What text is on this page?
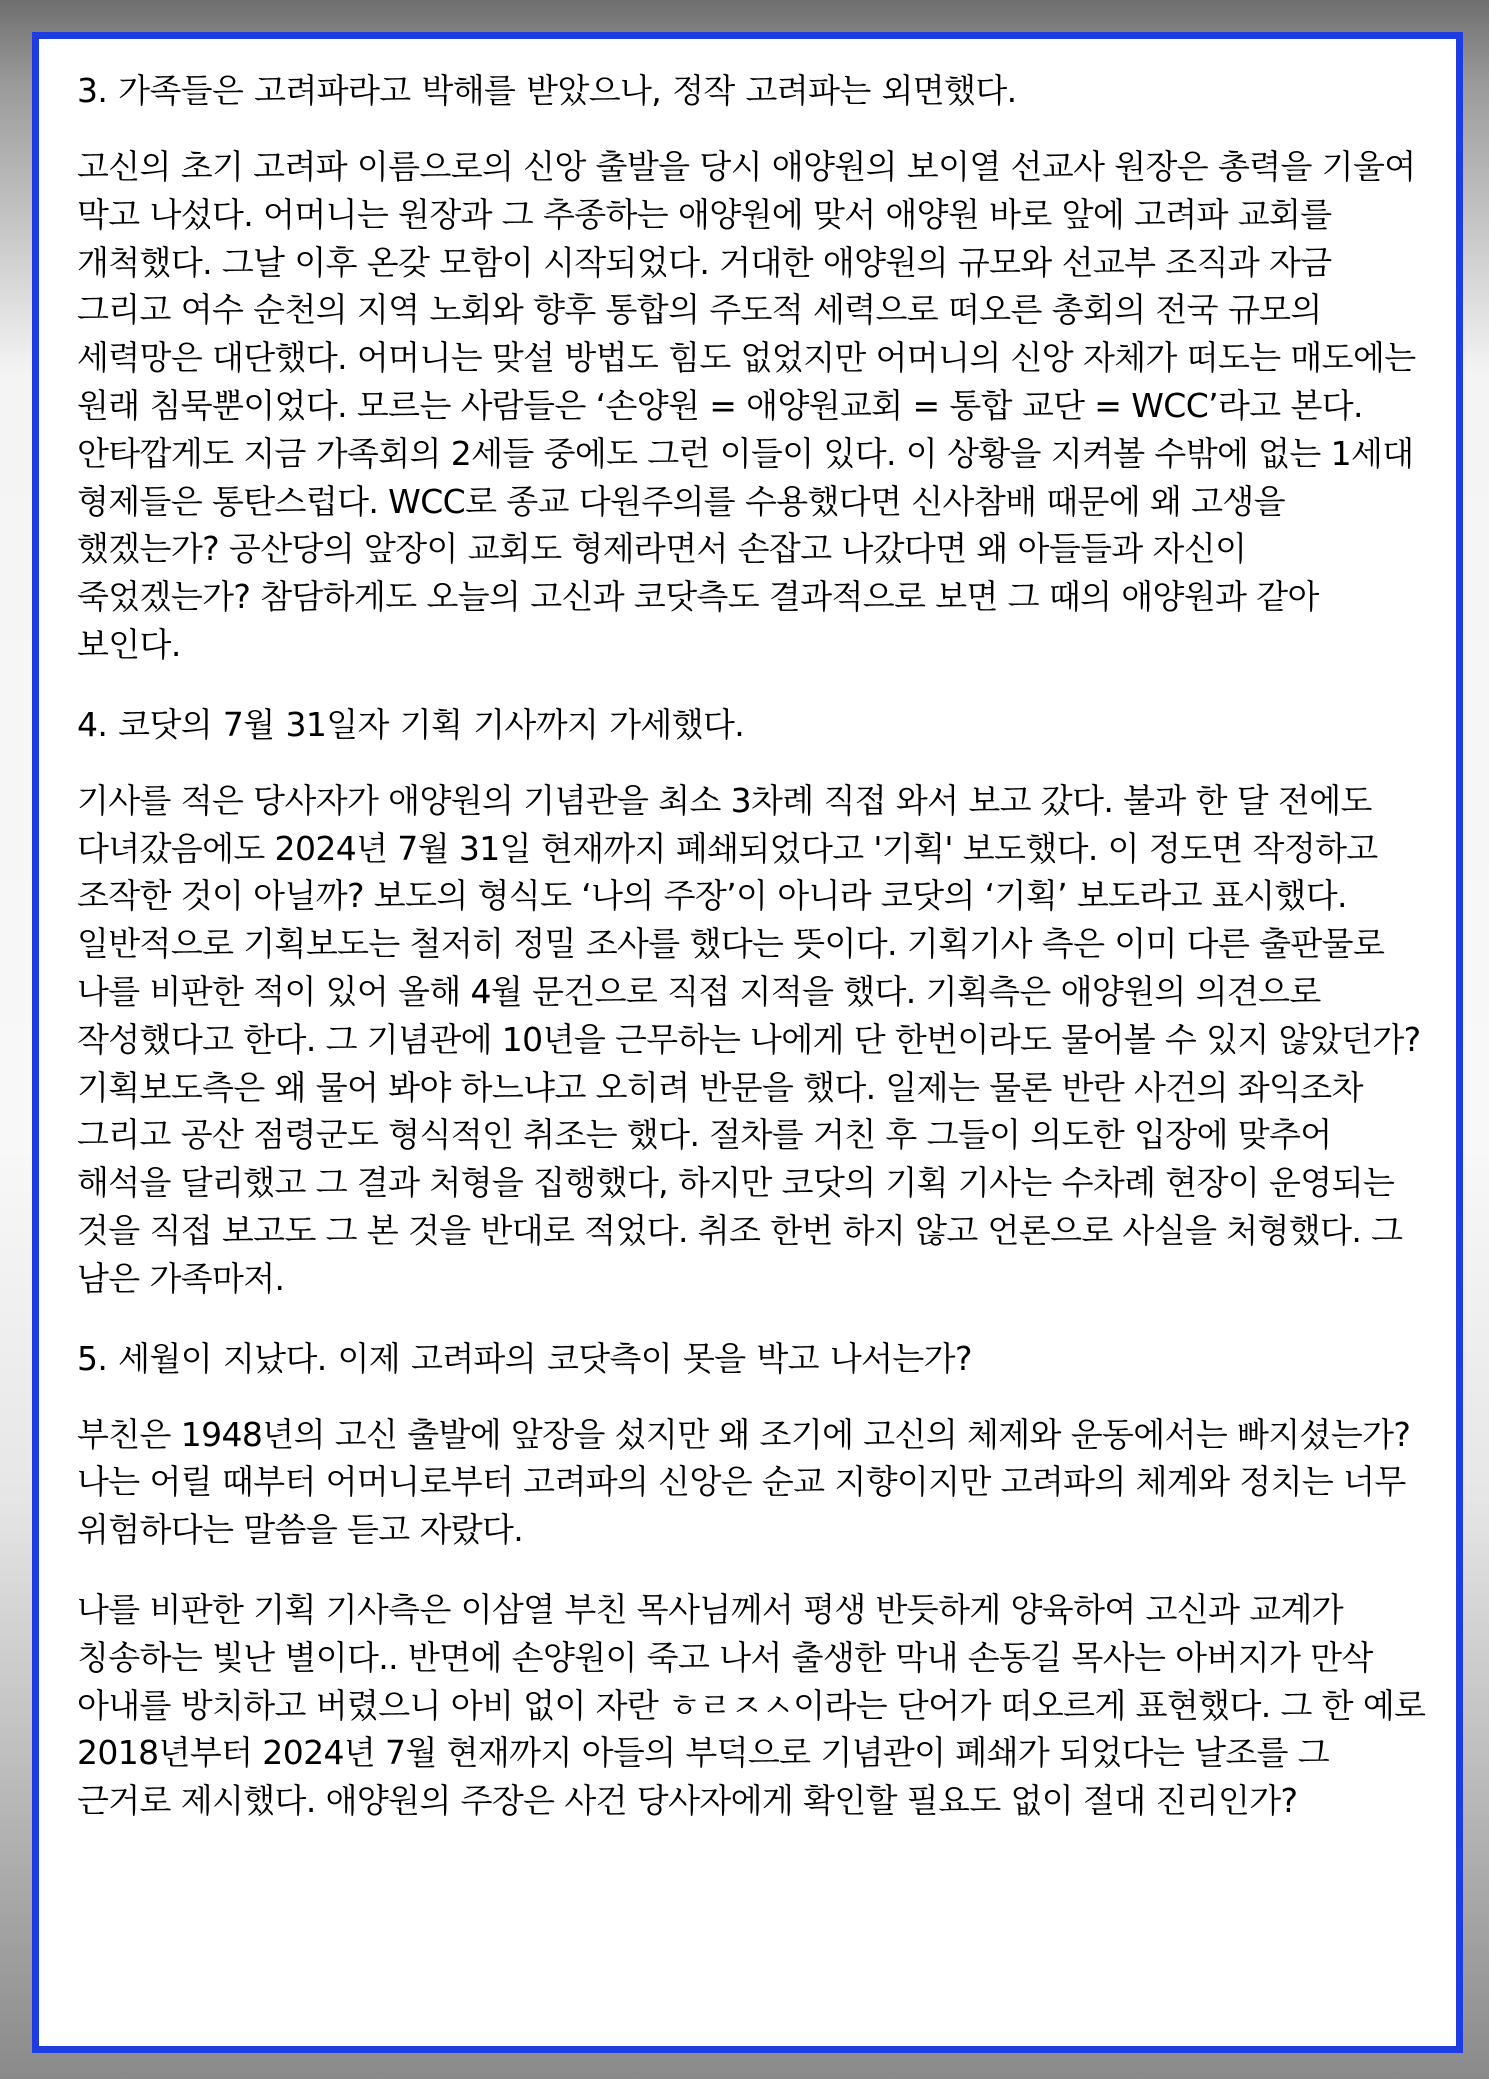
3. 가족들은 고려파라고 박해를 받았으나, 정작 고려파는 외면했다.

고신의 초기 고려파 이름으로의 신앙 출발을 당시 애양원의 보이열 선교사 원장은 총력을 기울여 막고 나섰다. 어머니는 원장과 그 추종하는 애양원에 맞서 애양원 바로 앞에 고려파 교회를 개척했다. 그날 이후 온갖 모함이 시작되었다. 거대한 애양원의 규모와 선교부 조직과 자금 그리고 여수 순천의 지역 노회와 향후 통합의 주도적 세력으로 떠오른 총회의 전국 규모의 세력망은 대단했다. 어머니는 맞설 방법도 힘도 없었지만 어머니의 신앙 자체가 떠도는 매도에는 원래 침묵뿐이었다. 모르는 사람들은 ‘손양원 = 애양원교회 = 통합 교단 = WCC’라고 본다. 안타깝게도 지금 가족회의 2세들 중에도 그런 이들이 있다. 이 상황을 지켜볼 수밖에 없는 1세대 형제들은 통탄스럽다. WCC로 종교 다원주의를 수용했다면 신사참배 때문에 왜 고생을 했겠는가? 공산당의 앞장이 교회도 형제라면서 손잡고 나갔다면 왜 아들들과 자신이 죽었겠는가? 참담하게도 오늘의 고신과 코닷측도 결과적으로 보면 그 때의 애양원과 같아 보인다.

4. 코닷의 7월 31일자 기획 기사까지 가세했다.

기사를 적은 당사자가 애양원의 기념관을 최소 3차례 직접 와서 보고 갔다. 불과 한 달 전에도 다녀갔음에도 2024년 7월 31일 현재까지 폐쇄되었다고 '기획' 보도했다. 이 정도면 작정하고 조작한 것이 아닐까? 보도의 형식도 ‘나의 주장’이 아니라 코닷의 ‘기획’ 보도라고 표시했다. 일반적으로 기획보도는 철저히 정밀 조사를 했다는 뜻이다. 기획기사 측은 이미 다른 출판물로 나를 비판한 적이 있어 올해 4월 문건으로 직접 지적을 했다. 기획측은 애양원의 의견으로 작성했다고 한다. 그 기념관에 10년을 근무하는 나에게 단 한번이라도 물어볼 수 있지 않았던가? 기획보도측은 왜 물어 봐야 하느냐고 오히려 반문을 했다. 일제는 물론 반란 사건의 좌익조차 그리고 공산 점령군도 형식적인 취조는 했다. 절차를 거친 후 그들이 의도한 입장에 맞추어 해석을 달리했고 그 결과 처형을 집행했다, 하지만 코닷의 기획 기사는 수차례 현장이 운영되는 것을 직접 보고도 그 본 것을 반대로 적었다. 취조 한번 하지 않고 언론으로 사실을 처형했다. 그 남은 가족마저.

5. 세월이 지났다. 이제 고려파의 코닷측이 못을 박고 나서는가?

부친은 1948년의 고신 출발에 앞장을 섰지만 왜 조기에 고신의 체제와 운동에서는 빠지셨는가? 나는 어릴 때부터 어머니로부터 고려파의 신앙은 순교 지향이지만 고려파의 체계와 정치는 너무 위험하다는 말씀을 듣고 자랐다.

나를 비판한 기획 기사측은 이삼열 부친 목사님께서 평생 반듯하게 양육하여 고신과 교계가 칭송하는 빛난 별이다.. 반면에 손양원이 죽고 나서 출생한 막내 손동길 목사는 아버지가 만삭 아내를 방치하고 버렸으니 아비 없이 자란 ㅎㄹㅈㅅ이라는 단어가 떠오르게 표현했다. 그 한 예로 2018년부터 2024년 7월 현재까지 아들의 부덕으로 기념관이 폐쇄가 되었다는 날조를 그 근거로 제시했다. 애양원의 주장은 사건 당사자에게 확인할 필요도 없이 절대 진리인가?
